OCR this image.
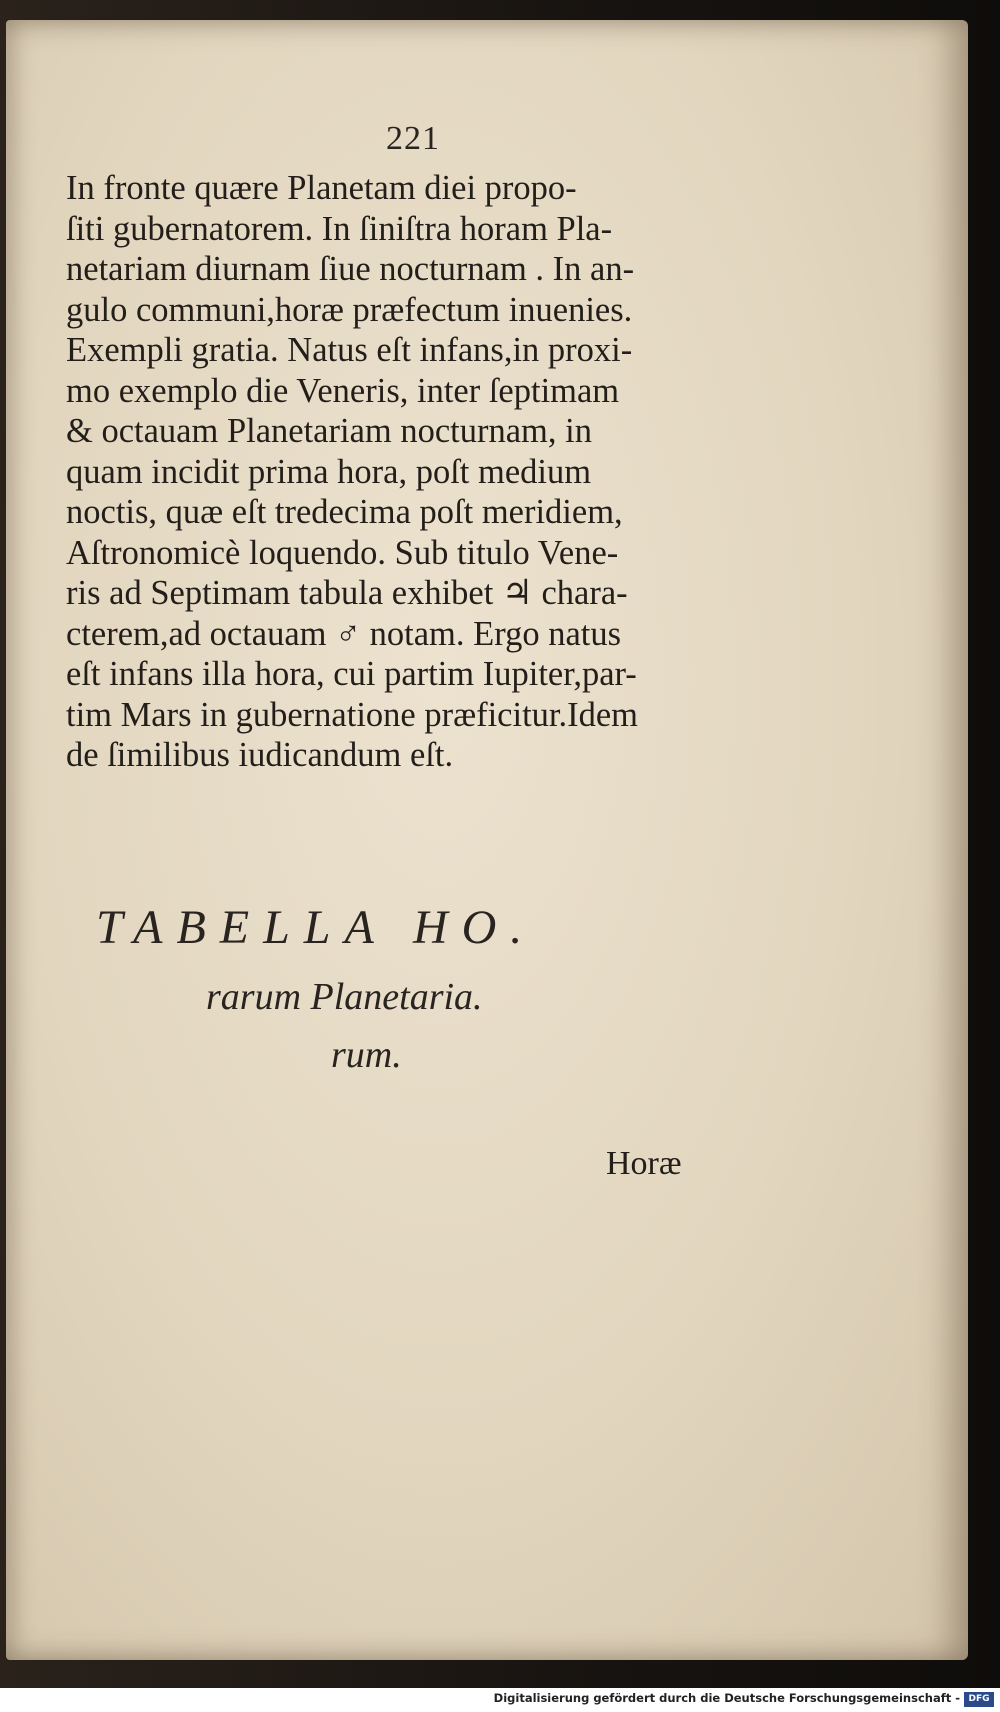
221
In fronte quære Planetam diei propo-
ſiti gubernatorem. In ſiniſtra horam Pla-
netariam diurnam ſiue nocturnam . In an-
gulo communi,horæ præfectum inuenies.
Exempli gratia. Natus eſt infans,in proxi-
mo exemplo die Veneris, inter ſeptimam
& octauam Planetariam nocturnam, in
quam incidit prima hora, poſt medium
noctis, quæ eſt tredecima poſt meridiem,
Aſtronomicè loquendo. Sub titulo Vene-
ris ad Septimam tabula exhibet ♃ chara-
cterem,ad octauam ♂ notam. Ergo natus
eſt infans illa hora, cui partim Iupiter,par-
tim Mars in gubernatione præficitur.Idem
de ſimilibus iudicandum eſt.
TABELLA HO.
rarum Planetaria.
rum.
Horæ
Digitalisierung gefördert durch die Deutsche Forschungsgemeinschaft - DFG
